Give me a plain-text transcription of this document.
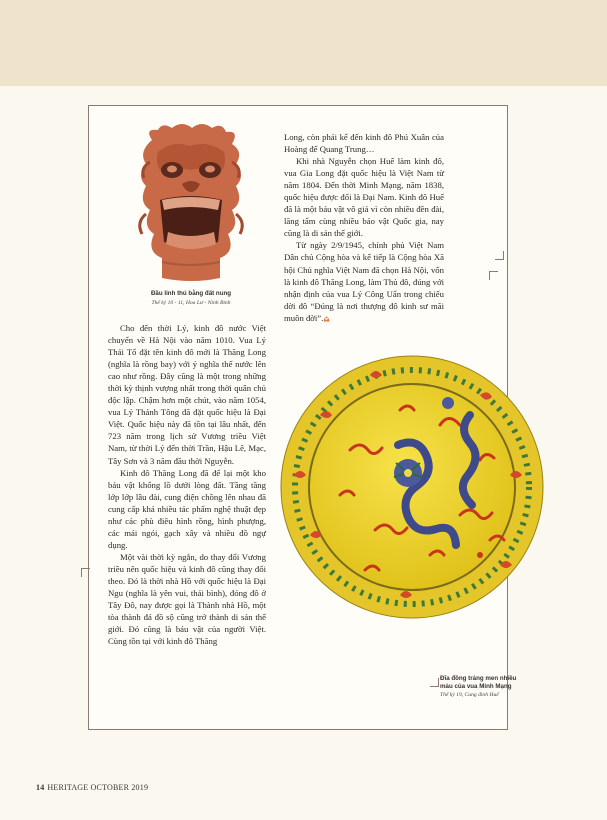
Đầu linh thú bằng đất nung
Thế kỷ 10 - 11, Hoa Lư - Ninh Bình

Cho đến thời Lý, kinh đô nước Việt chuyển về Hà Nội vào năm 1010. Vua Lý Thái Tổ đặt tên kinh đô mới là Thăng Long (nghĩa là rồng bay) với ý nghĩa thế nước lên cao như rồng. Đây cũng là một trong những thời kỳ thịnh vượng nhất trong thời quân chủ độc lập. Chậm hơn một chút, vào năm 1054, vua Lý Thánh Tông đã đặt quốc hiệu là Đại Việt. Quốc hiệu này đã tồn tại lâu nhất, đến 723 năm trong lịch sử Vương triều Việt Nam, từ thời Lý đến thời Trần, Hậu Lê, Mạc, Tây Sơn và 3 năm đầu thời Nguyễn.

Kinh đô Thăng Long đã để lại một kho báu vật khổng lồ dưới lòng đất. Tầng tầng lớp lớp lâu đài, cung điện chồng lên nhau đã cung cấp khá nhiều tác phẩm nghệ thuật đẹp như các phù điêu hình rồng, hình phượng, các mái ngói, gạch xây và nhiều đồ ngự dụng.

Một vài thời kỳ ngắn, do thay đổi Vương triều nên quốc hiệu và kinh đô cũng thay đổi theo. Đó là thời nhà Hồ với quốc hiệu là Đại Ngu (nghĩa là yên vui, thái bình), đóng đô ở Tây Đô, nay được gọi là Thành nhà Hồ, một tòa thành đá đồ sộ cũng trở thành di sản thế giới. Đó cũng là báu vật của người Việt. Cùng tồn tại với kinh đô Thăng

Long, còn phải kể đến kinh đô Phú Xuân của Hoàng đế Quang Trung…

Khi nhà Nguyễn chọn Huế làm kinh đô, vua Gia Long đặt quốc hiệu là Việt Nam từ năm 1804. Đến thời Minh Mạng, năm 1838, quốc hiệu được đổi là Đại Nam. Kinh đô Huế đã là một báu vật vô giá vì còn nhiều đền đài, lăng tẩm cùng nhiều bảo vật Quốc gia, nay cũng là di sản thế giới.

Từ ngày 2/9/1945, chính phủ Việt Nam Dân chủ Cộng hòa và kế tiếp là Cộng hòa Xã hội Chủ nghĩa Việt Nam đã chọn Hà Nội, vốn là kinh đô Thăng Long, làm Thủ đô, đúng với nhận định của vua Lý Công Uẩn trong chiếu dời đô “Đúng là nơi thượng đô kinh sư mãi muôn đời”.

Đĩa đồng tráng men nhiều
màu của vua Minh Mạng
Thế kỷ 19, Cung đình Huế
14 HERITAGE OCTOBER 2019
